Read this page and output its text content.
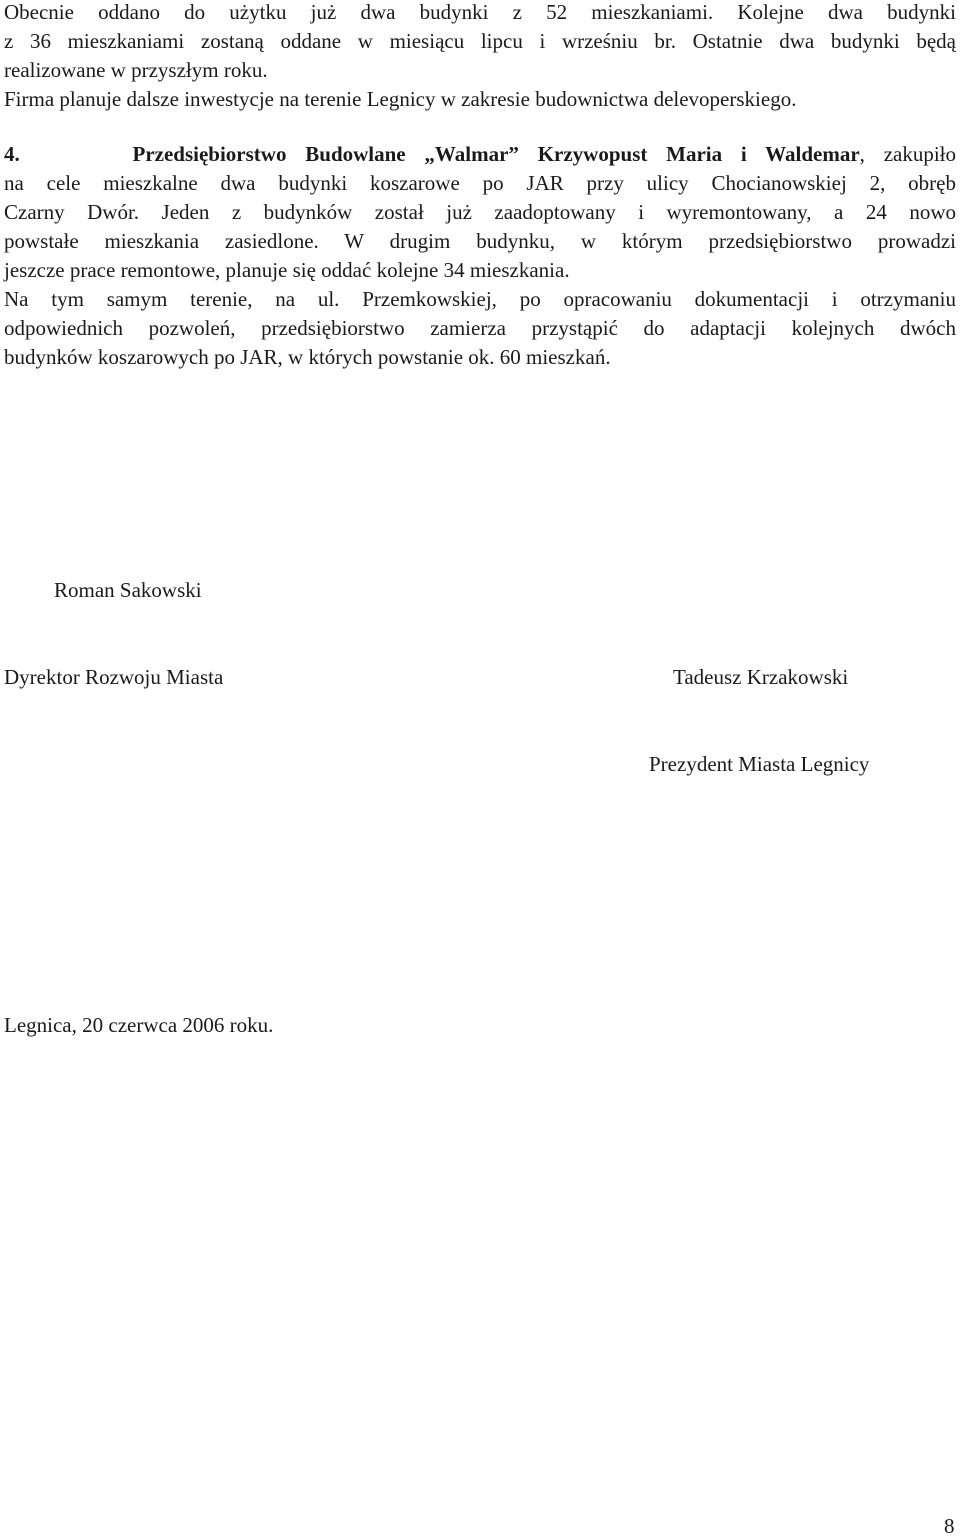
Obecnie oddano do użytku już dwa budynki z 52 mieszkaniami. Kolejne dwa budynki
z 36 mieszkaniami zostaną oddane w miesiącu lipcu i wrześniu br. Ostatnie dwa budynki będą
realizowane w przyszłym roku.
Firma planuje dalsze inwestycje na terenie Legnicy w zakresie budownictwa delevoperskiego.
4.	Przedsiębiorstwo Budowlane „Walmar” Krzywopust Maria i Waldemar, zakupiło
na cele mieszkalne dwa budynki koszarowe po JAR przy ulicy Chocianowskiej 2, obręb
Czarny Dwór. Jeden z budynków został już zaadoptowany i wyremontowany, a 24 nowo
powstałe mieszkania zasiedlone. W drugim budynku, w którym przedsiębiorstwo prowadzi
jeszcze prace remontowe, planuje się oddać kolejne 34 mieszkania.
Na tym samym terenie, na ul. Przemkowskiej, po opracowaniu dokumentacji i otrzymaniu
odpowiednich pozwoleń, przedsiębiorstwo zamierza przystąpić do adaptacji kolejnych dwóch
budynków koszarowych po JAR, w których powstanie ok. 60 mieszkań.
Roman Sakowski
Dyrektor Rozwoju Miasta	Tadeusz Krzakowski
Prezydent Miasta Legnicy
Legnica, 20 czerwca 2006 roku.
8
